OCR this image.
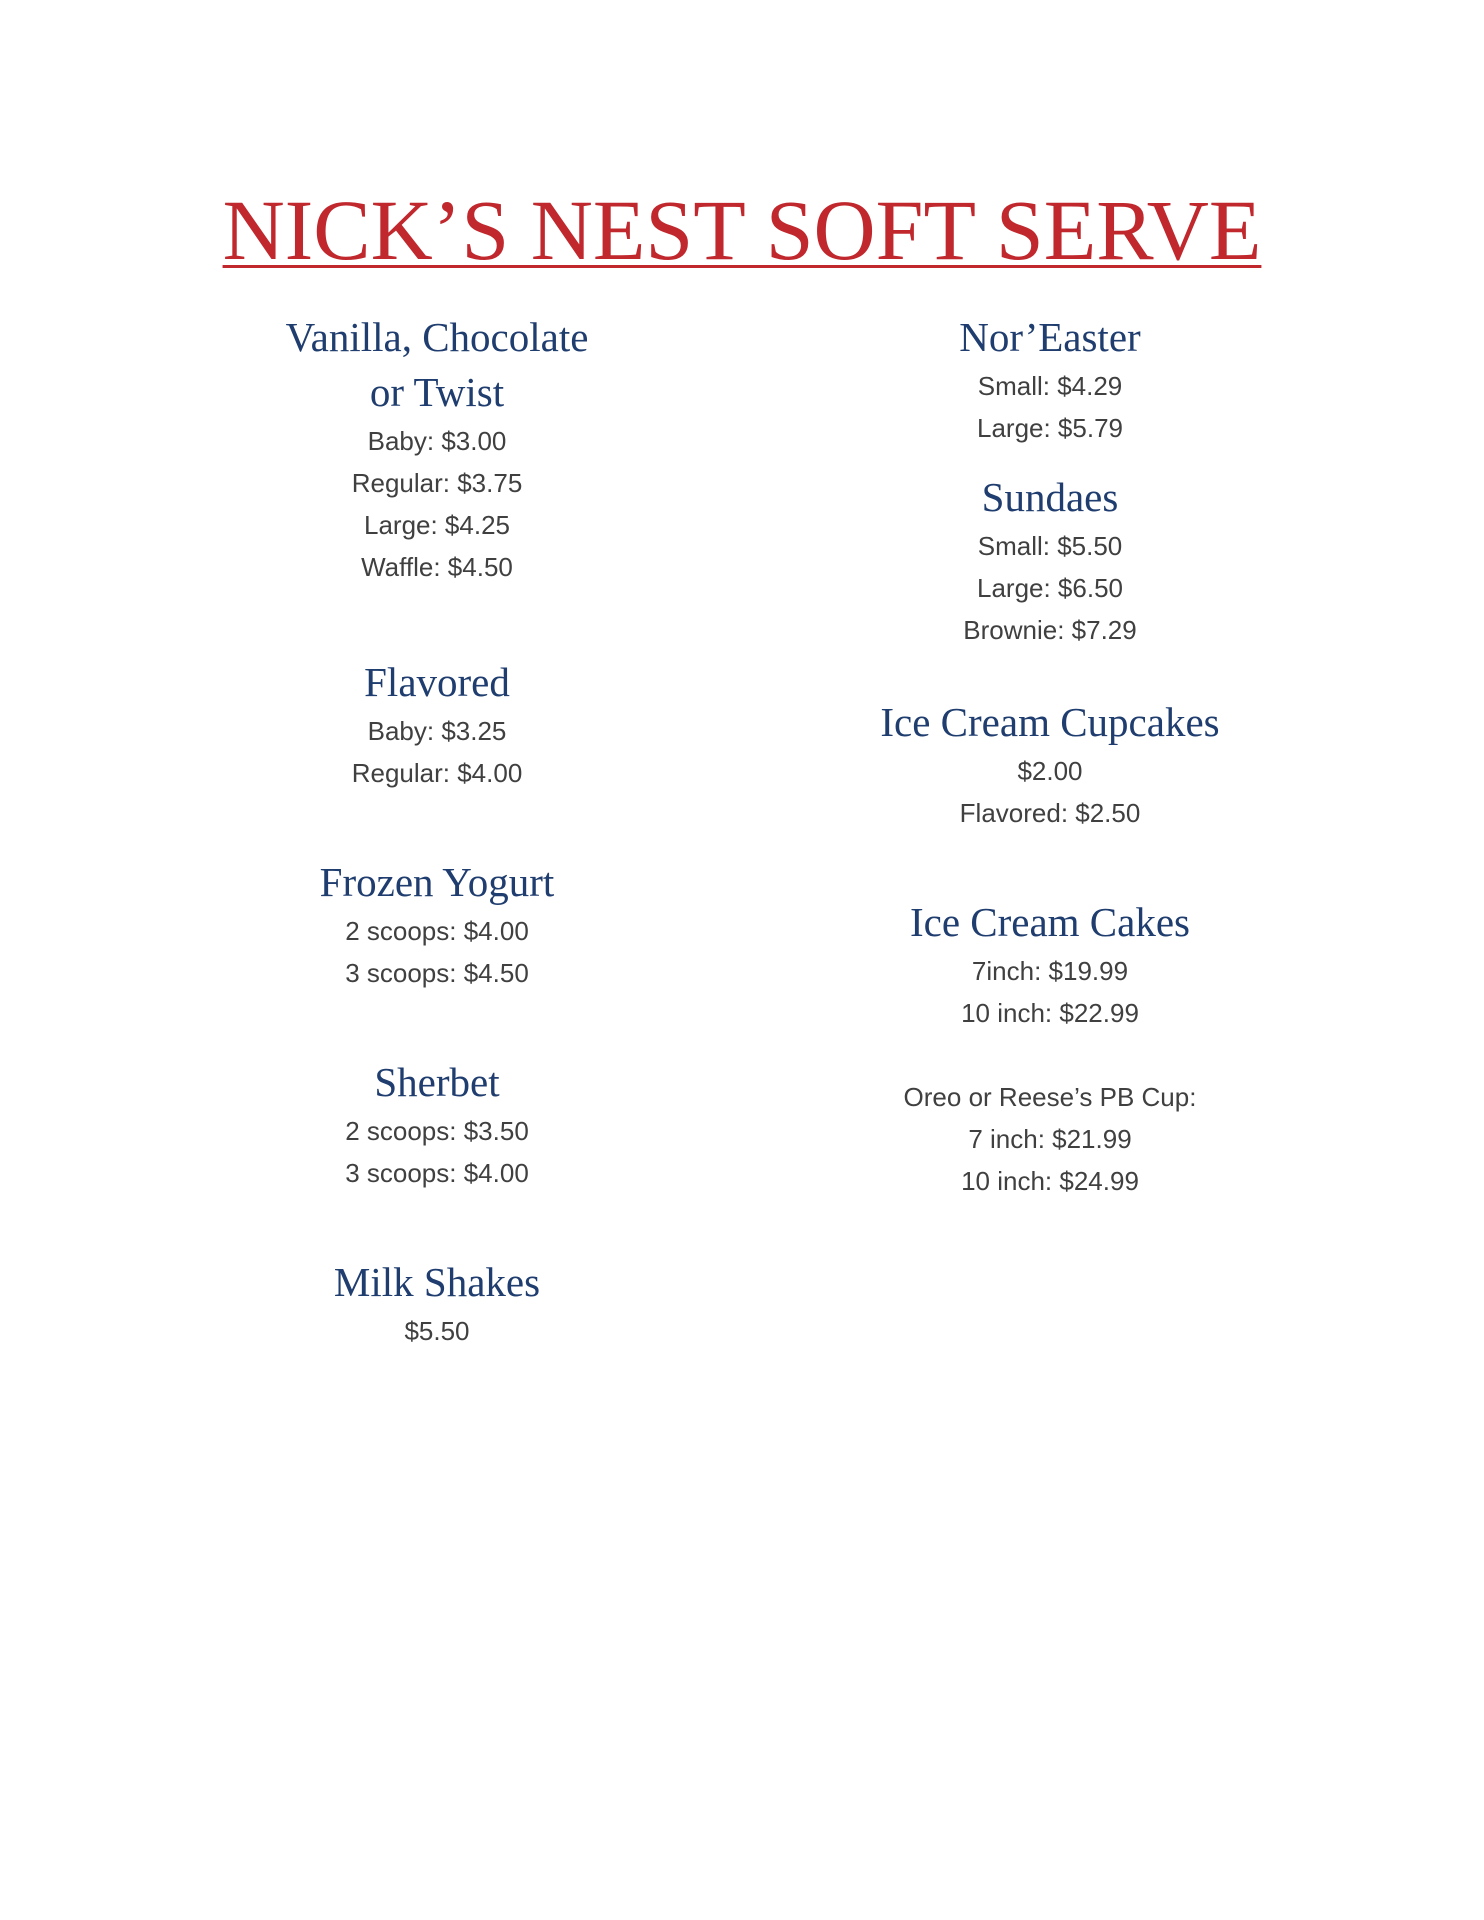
NICK’S NEST SOFT SERVE

Vanilla, Chocolate

or Twist

Baby: $3.00

Regular: $3.75

Large: $4.25

Waffle: $4.50

Flavored

Baby: $3.25

Regular: $4.00

Frozen Yogurt

2 scoops: $4.00

3 scoops: $4.50

Sherbet

2 scoops: $3.50

3 scoops: $4.00

Milk Shakes

$5.50

Nor’Easter

Small: $4.29

Large: $5.79

Sundaes

Small: $5.50

Large: $6.50

Brownie: $7.29

Ice Cream Cupcakes

$2.00

Flavored: $2.50

Ice Cream Cakes

7inch: $19.99

10 inch: $22.99

Oreo or Reese’s PB Cup:

7 inch: $21.99

10 inch: $24.99
